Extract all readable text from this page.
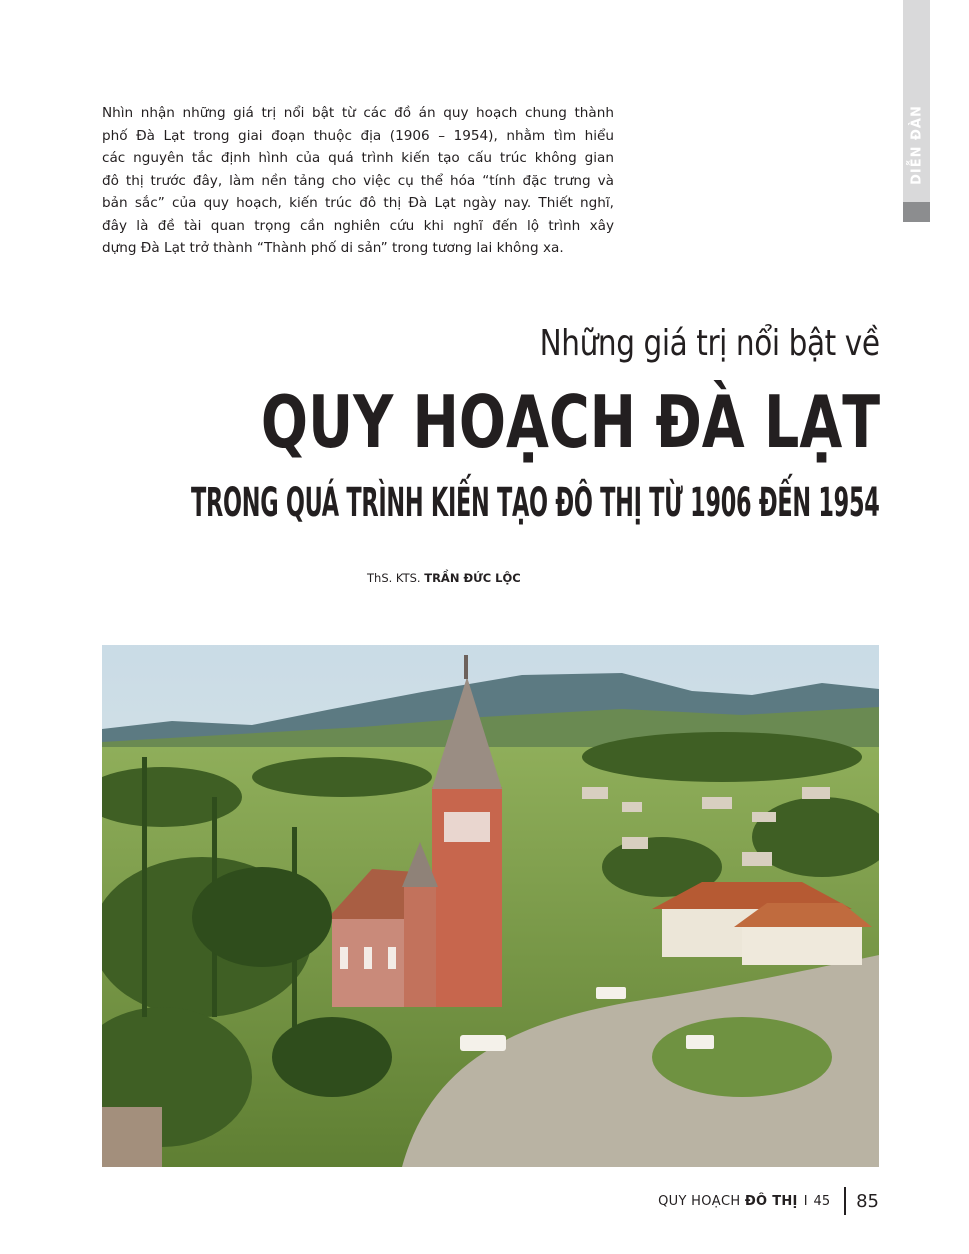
DIỄN ĐÀN

Nhìn nhận những giá trị nổi bật từ các đồ án quy hoạch chung thành
phố Đà Lạt trong giai đoạn thuộc địa (1906 – 1954), nhằm tìm hiểu
các nguyên tắc định hình của quá trình kiến tạo cấu trúc không gian
đô thị trước đây, làm nền tảng cho việc cụ thể hóa “tính đặc trưng và
bản sắc” của quy hoạch, kiến trúc đô thị Đà Lạt ngày nay. Thiết nghĩ,
đây là đề tài quan trọng cần nghiên cứu khi nghĩ đến lộ trình xây
dựng Đà Lạt trở thành “Thành phố di sản” trong tương lai không xa.

Những giá trị nổi bật về
QUY HOẠCH ĐÀ LẠT
TRONG QUÁ TRÌNH KIẾN TẠO ĐÔ THỊ TỪ 1906 ĐẾN 1954
ThS. KTS. TRẦN ĐỨC LỘC
QUY HOẠCH ĐÔ THỊ I 45 85
